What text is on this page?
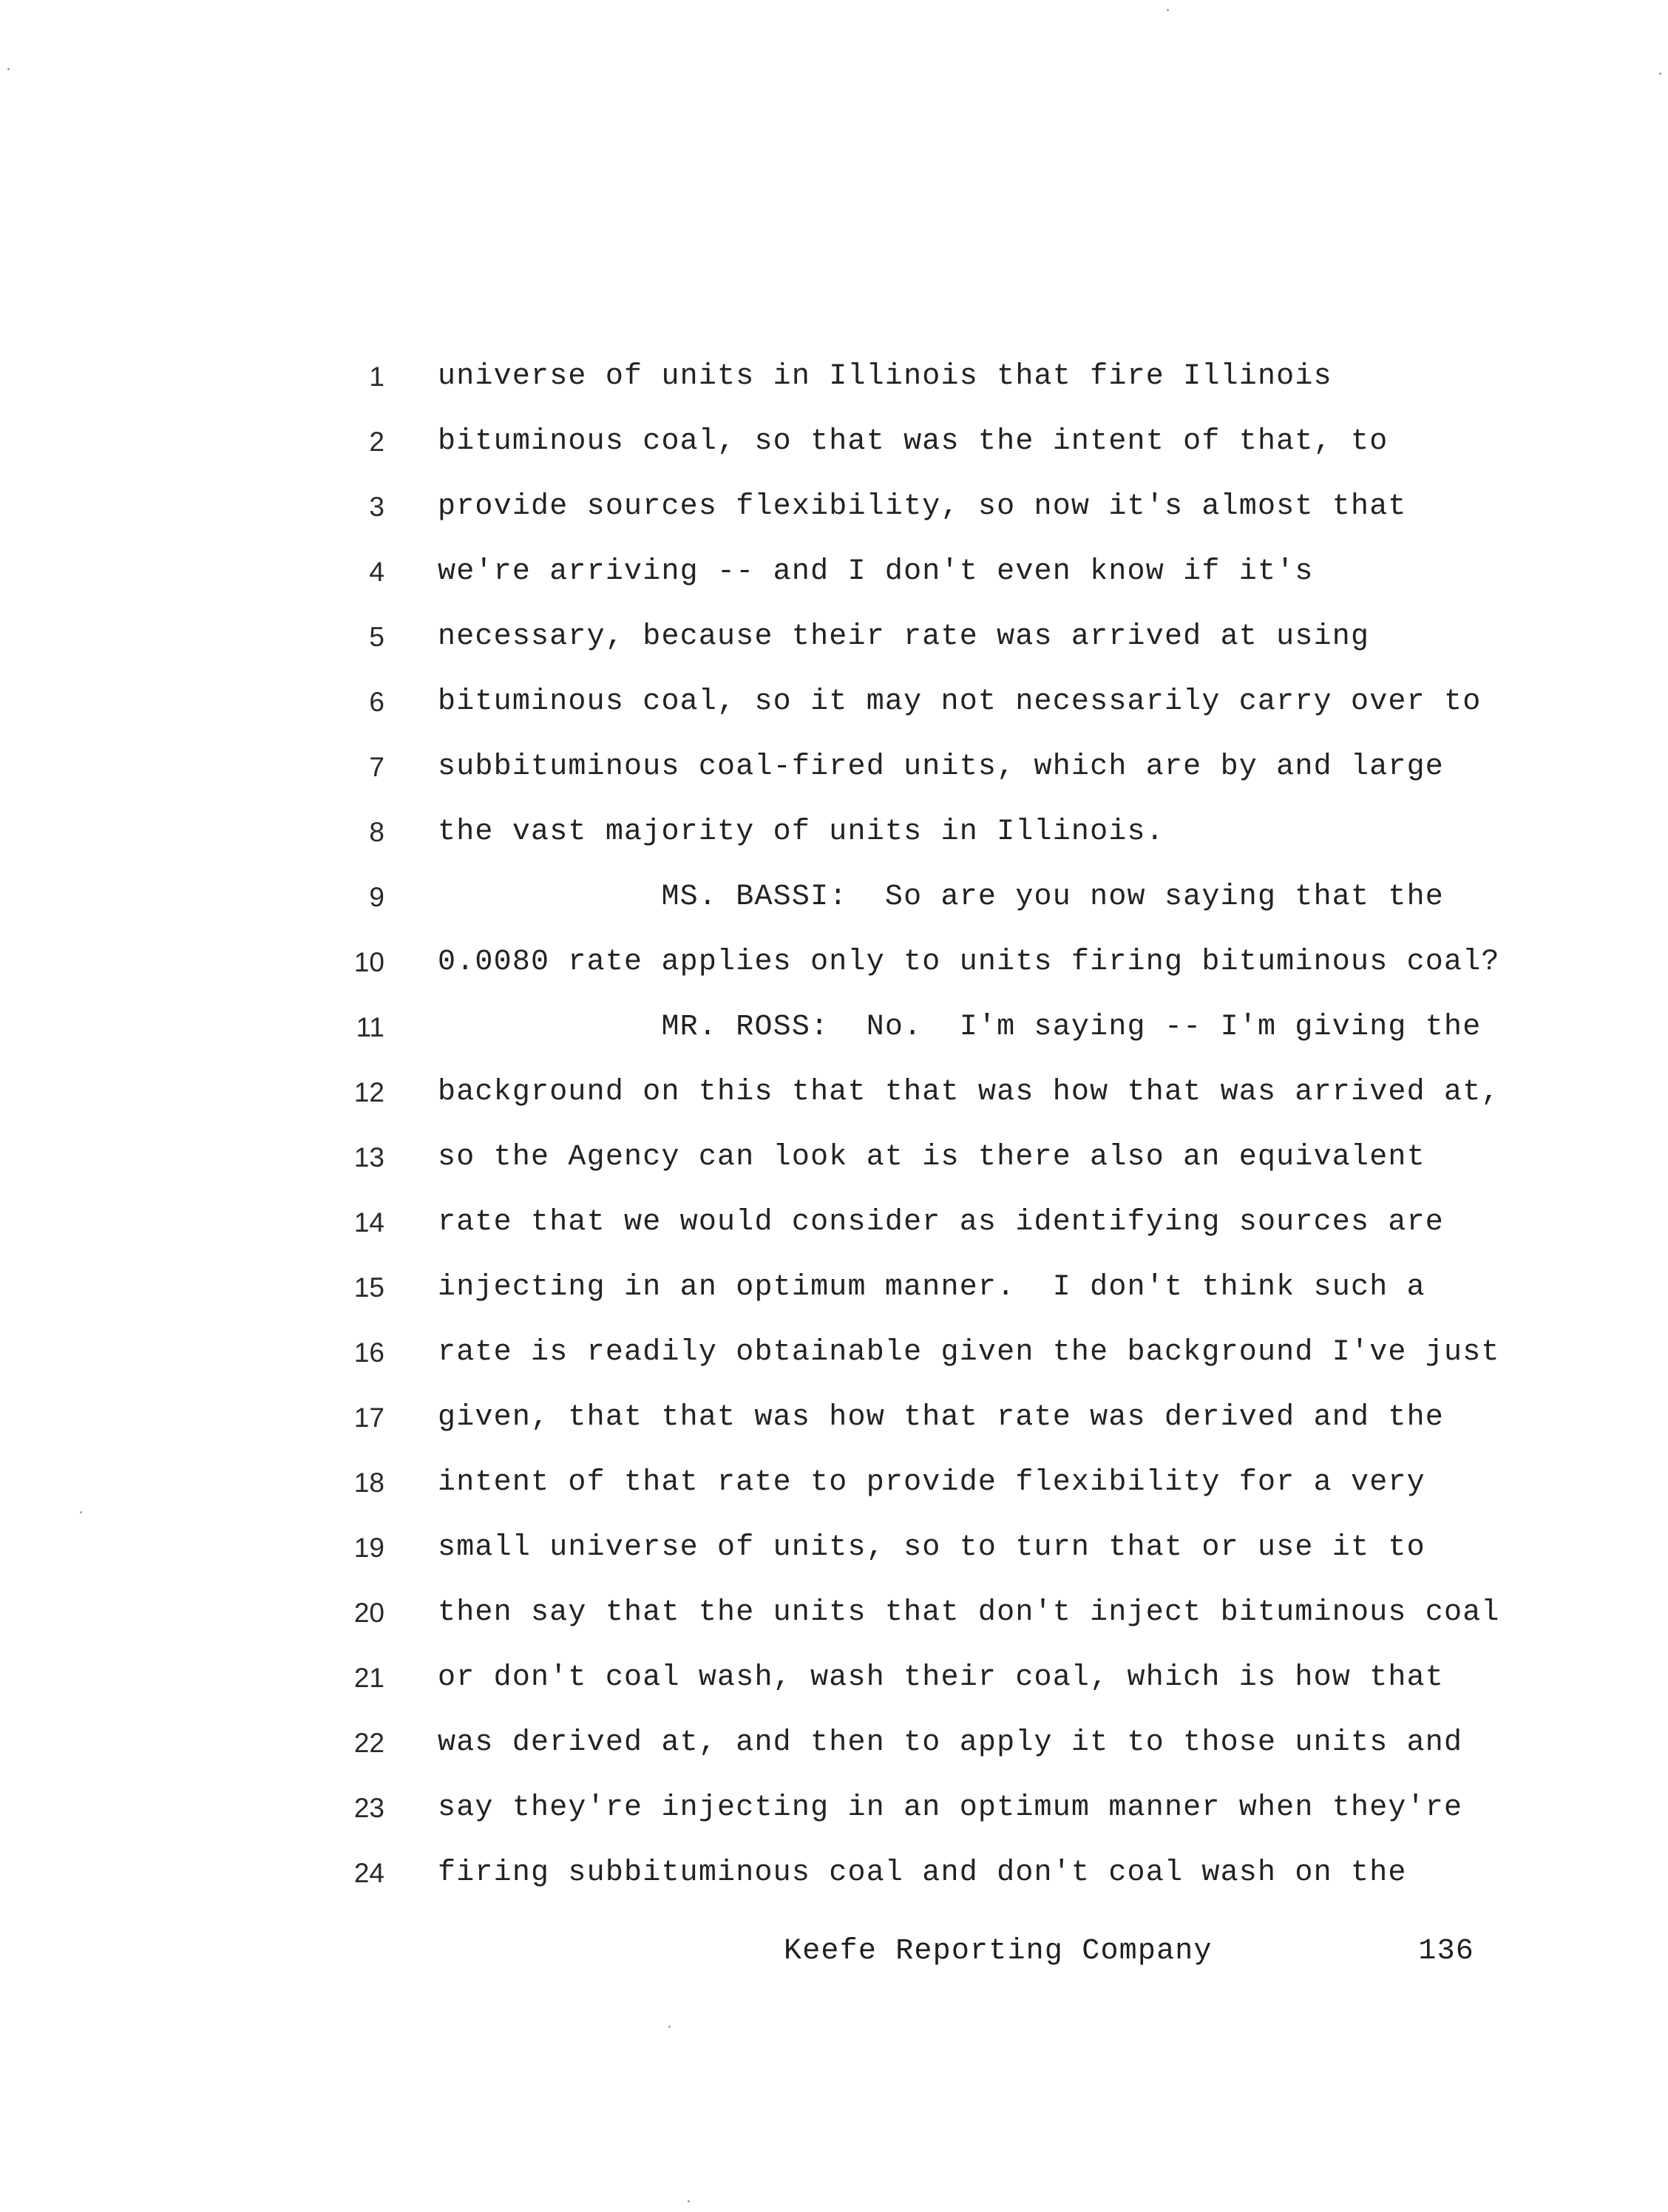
1 universe of units in Illinois that fire Illinois
2 bituminous coal, so that was the intent of that, to
3 provide sources flexibility, so now it's almost that
4 we're arriving -- and I don't even know if it's
5 necessary, because their rate was arrived at using
6 bituminous coal, so it may not necessarily carry over to
7 subbituminous coal-fired units, which are by and large
8 the vast majority of units in Illinois.
9 MS. BASSI:  So are you now saying that the
10 0.0080 rate applies only to units firing bituminous coal?
11 MR. ROSS:  No.  I'm saying -- I'm giving the
12 background on this that that was how that was arrived at,
13 so the Agency can look at is there also an equivalent
14 rate that we would consider as identifying sources are
15 injecting in an optimum manner.  I don't think such a
16 rate is readily obtainable given the background I've just
17 given, that that was how that rate was derived and the
18 intent of that rate to provide flexibility for a very
19 small universe of units, so to turn that or use it to
20 then say that the units that don't inject bituminous coal
21 or don't coal wash, wash their coal, which is how that
22 was derived at, and then to apply it to those units and
23 say they're injecting in an optimum manner when they're
24 firing subbituminous coal and don't coal wash on the
Keefe Reporting Company	136
